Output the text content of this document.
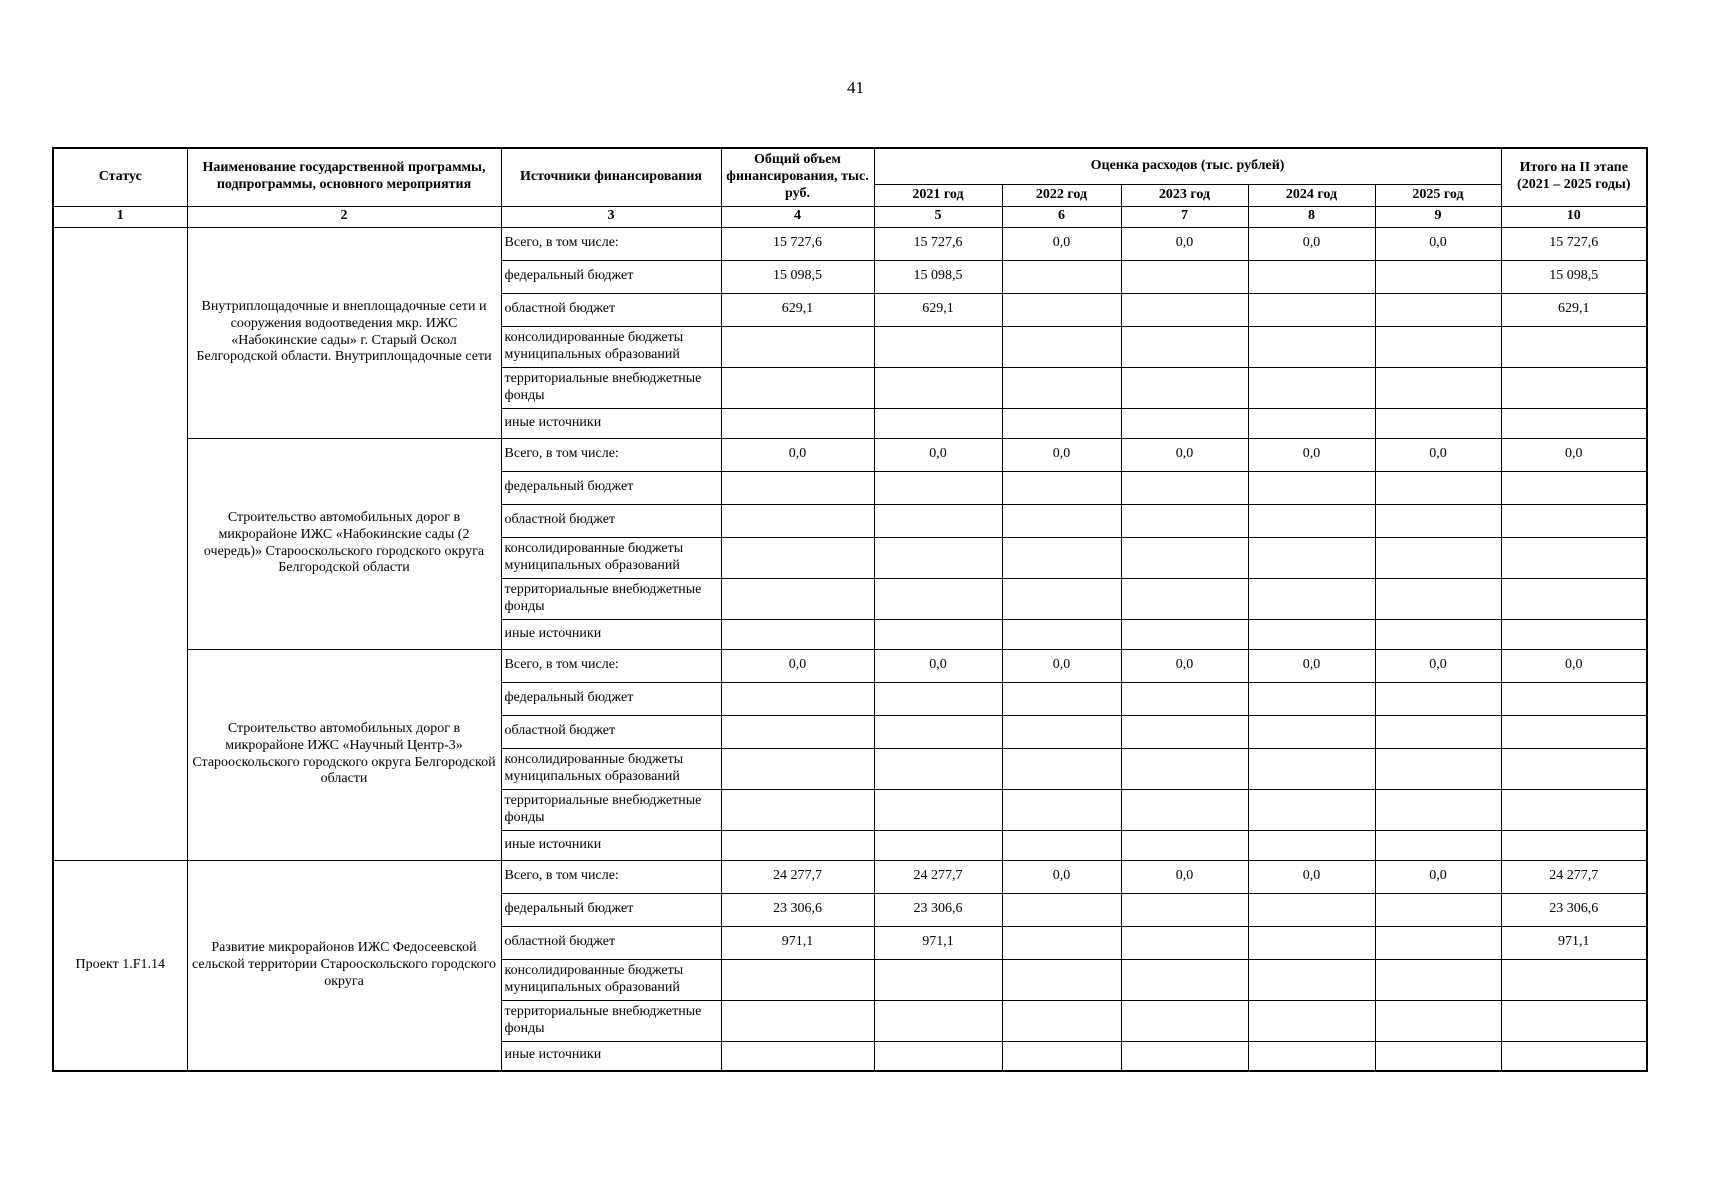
41
Статус	Наименование государственной программы, подпрограммы, основного мероприятия	Источники финансирования	Общий объем финансирования, тыс. руб.	Оценка расходов (тыс. рублей)					Итого на II этапе (2021 – 2025 годы)
				2021 год	2022 год	2023 год	2024 год	2025 год	
1	2	3	4	5	6	7	8	9	10
	Внутриплощадочные и внеплощадочные сети и сооружения водоотведения мкр. ИЖС «Набокинские сады» г. Старый Оскол Белгородской области. Внутриплощадочные сети	Всего, в том числе:	15 727,6	15 727,6	0,0	0,0	0,0	0,0	15 727,6
		федеральный бюджет	15 098,5	15 098,5					15 098,5
		областной бюджет	629,1	629,1					629,1
		консолидированные бюджеты муниципальных образований							
		территориальные внебюджетные фонды							
		иные источники							
	Строительство автомобильных дорог в микрорайоне ИЖС «Набокинские сады (2 очередь)» Старооскольского городского округа Белгородской области	Всего, в том числе:	0,0	0,0	0,0	0,0	0,0	0,0	0,0
		федеральный бюджет							
		областной бюджет							
		консолидированные бюджеты муниципальных образований							
		территориальные внебюджетные фонды							
		иные источники							
	Строительство автомобильных дорог в микрорайоне ИЖС «Научный Центр-3» Старооскольского городского округа Белгородской области	Всего, в том числе:	0,0	0,0	0,0	0,0	0,0	0,0	0,0
		федеральный бюджет							
		областной бюджет							
		консолидированные бюджеты муниципальных образований							
		территориальные внебюджетные фонды							
		иные источники							
Проект 1.F1.14	Развитие микрорайонов ИЖС Федосеевской сельской территории Старооскольского городского округа	Всего, в том числе:	24 277,7	24 277,7	0,0	0,0	0,0	0,0	24 277,7
		федеральный бюджет	23 306,6	23 306,6					23 306,6
		областной бюджет	971,1	971,1					971,1
		консолидированные бюджеты муниципальных образований							
		территориальные внебюджетные фонды							
		иные источники							
